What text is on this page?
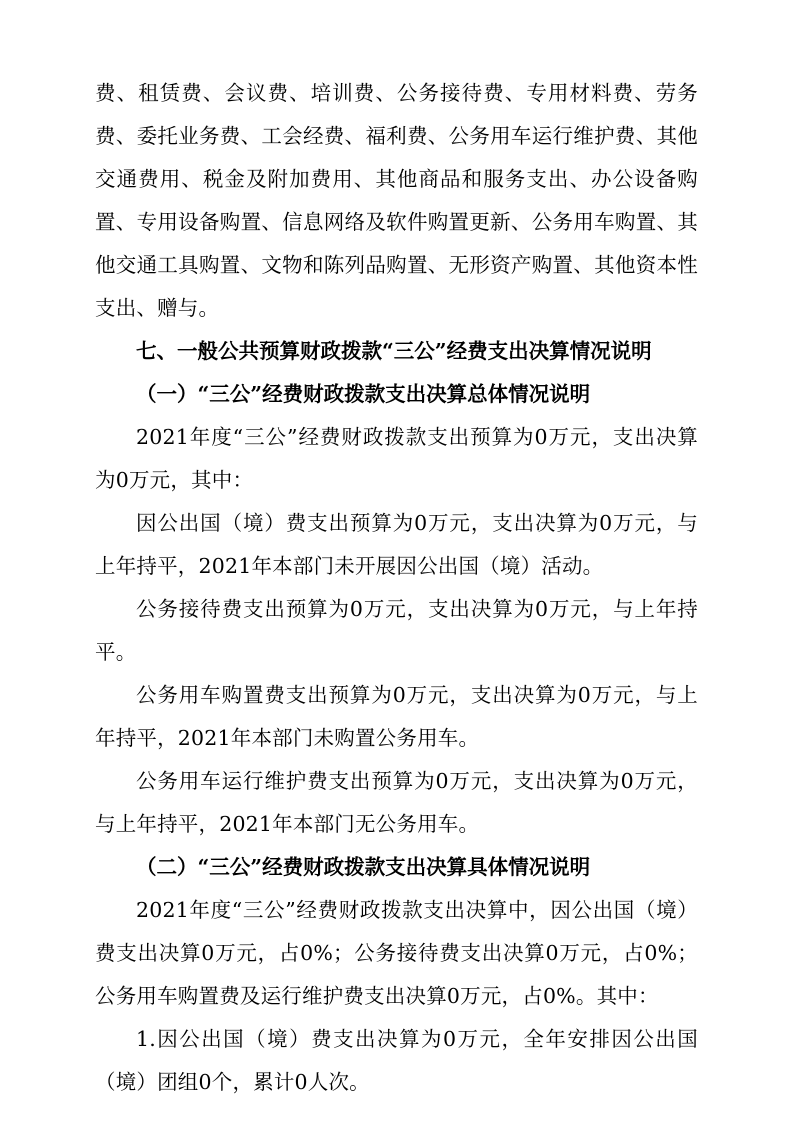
费、租赁费、会议费、培训费、公务接待费、专用材料费、劳务费、委托业务费、工会经费、福利费、公务用车运行维护费、其他交通费用、税金及附加费用、其他商品和服务支出、办公设备购置、专用设备购置、信息网络及软件购置更新、公务用车购置、其他交通工具购置、文物和陈列品购置、无形资产购置、其他资本性支出、赠与。

七、一般公共预算财政拨款“三公”经费支出决算情况说明

（一）“三公”经费财政拨款支出决算总体情况说明

2021年度“三公”经费财政拨款支出预算为0万元，支出决算为0万元，其中：

因公出国（境）费支出预算为0万元，支出决算为0万元，与上年持平，2021年本部门未开展因公出国（境）活动。

公务接待费支出预算为0万元，支出决算为0万元，与上年持平。

公务用车购置费支出预算为0万元，支出决算为0万元，与上年持平，2021年本部门未购置公务用车。

公务用车运行维护费支出预算为0万元，支出决算为0万元，与上年持平，2021年本部门无公务用车。

（二）“三公”经费财政拨款支出决算具体情况说明

2021年度“三公”经费财政拨款支出决算中，因公出国（境）费支出决算0万元，占0%；公务接待费支出决算0万元，占0%；公务用车购置费及运行维护费支出决算0万元，占0%。其中：

1.因公出国（境）费支出决算为0万元，全年安排因公出国（境）团组0个，累计0人次。
